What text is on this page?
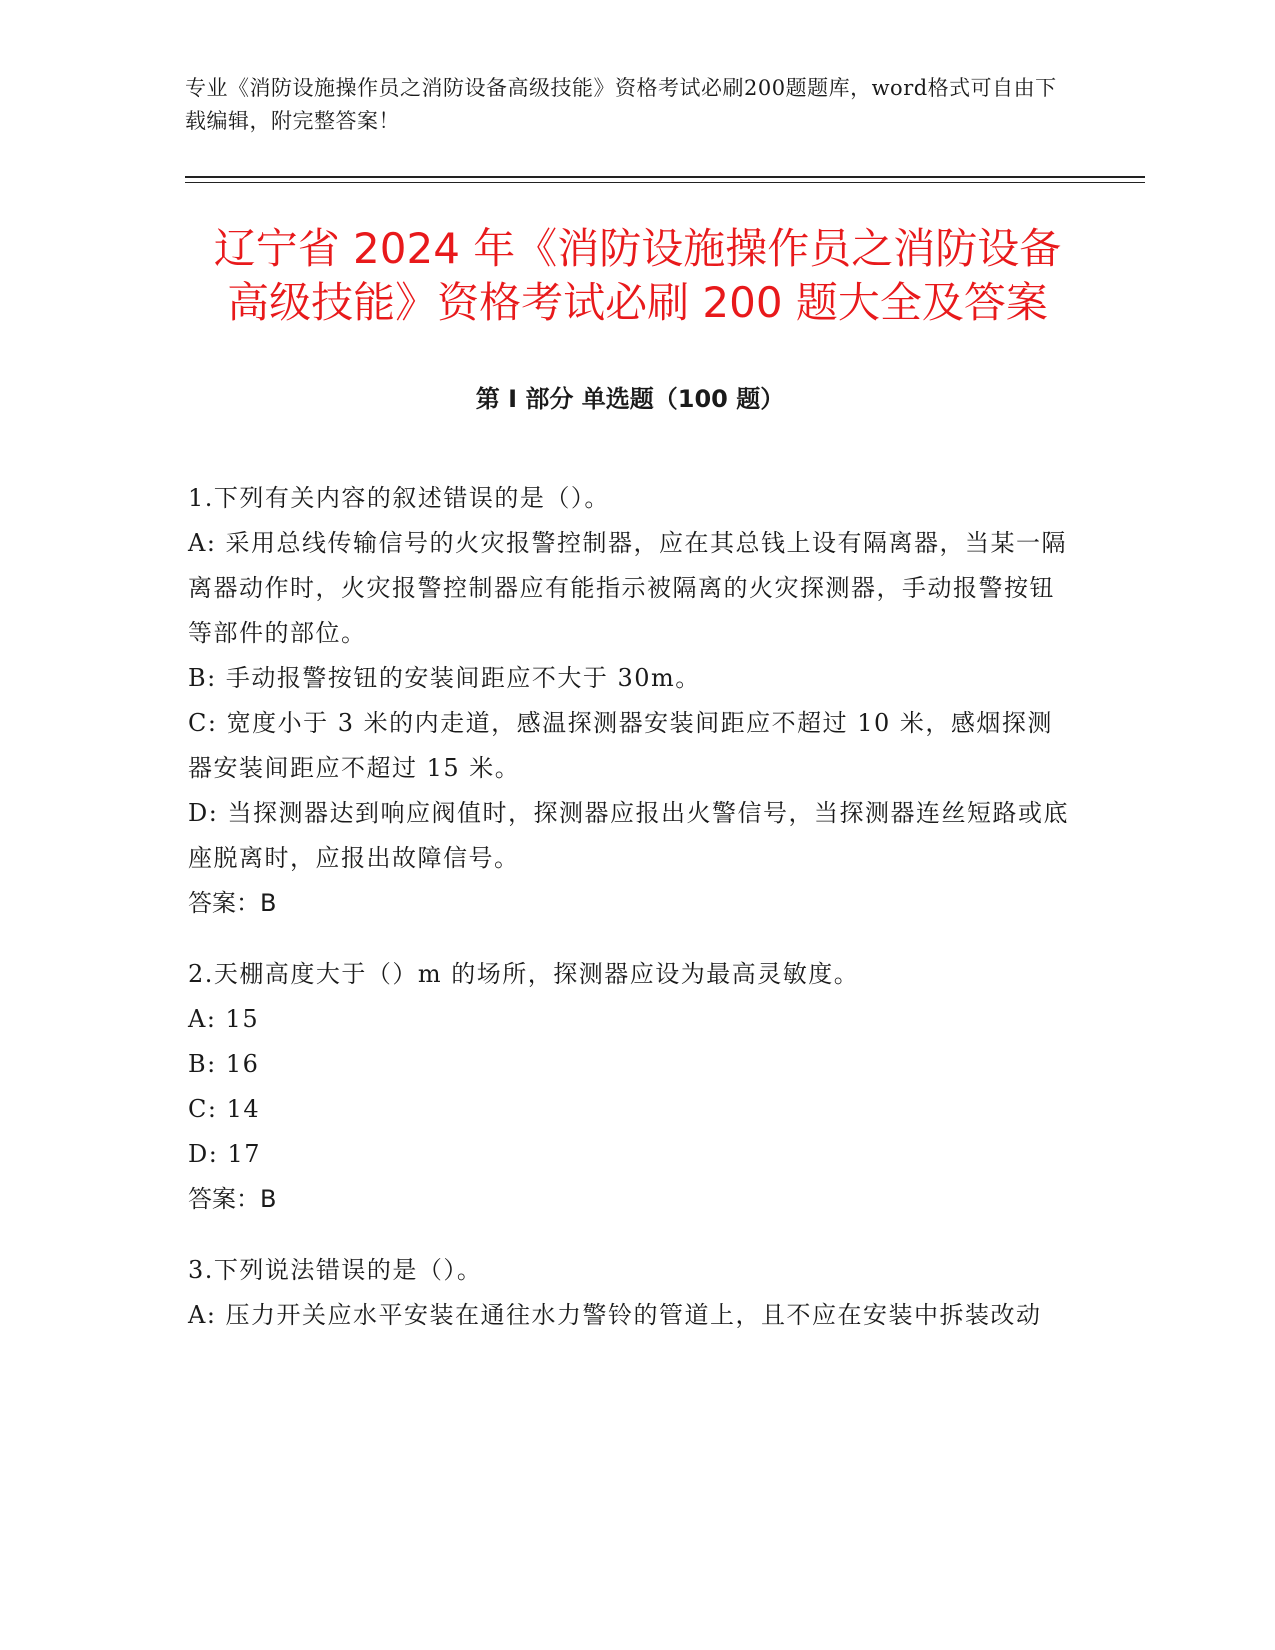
专业《消防设施操作员之消防设备高级技能》资格考试必刷200题题库，word格式可自由下载编辑，附完整答案！
辽宁省 2024 年《消防设施操作员之消防设备
高级技能》资格考试必刷 200 题大全及答案
第 I 部分 单选题（100 题）

1.下列有关内容的叙述错误的是（）。

A: 采用总线传输信号的火灾报警控制器，应在其总钱上设有隔离器，当某一隔离器动作时，火灾报警控制器应有能指示被隔离的火灾探测器，手动报警按钮等部件的部位。

B: 手动报警按钮的安装间距应不大于 30m。

C: 宽度小于 3 米的内走道，感温探测器安装间距应不超过 10 米，感烟探测器安装间距应不超过 15 米。

D: 当探测器达到响应阀值时，探测器应报出火警信号，当探测器连丝短路或底座脱离时，应报出故障信号。

答案：B

2.天棚高度大于（）m 的场所，探测器应设为最高灵敏度。

A: 15

B: 16

C: 14

D: 17

答案：B

3.下列说法错误的是（）。

A: 压力开关应水平安装在通往水力警铃的管道上，且不应在安装中拆装改动
